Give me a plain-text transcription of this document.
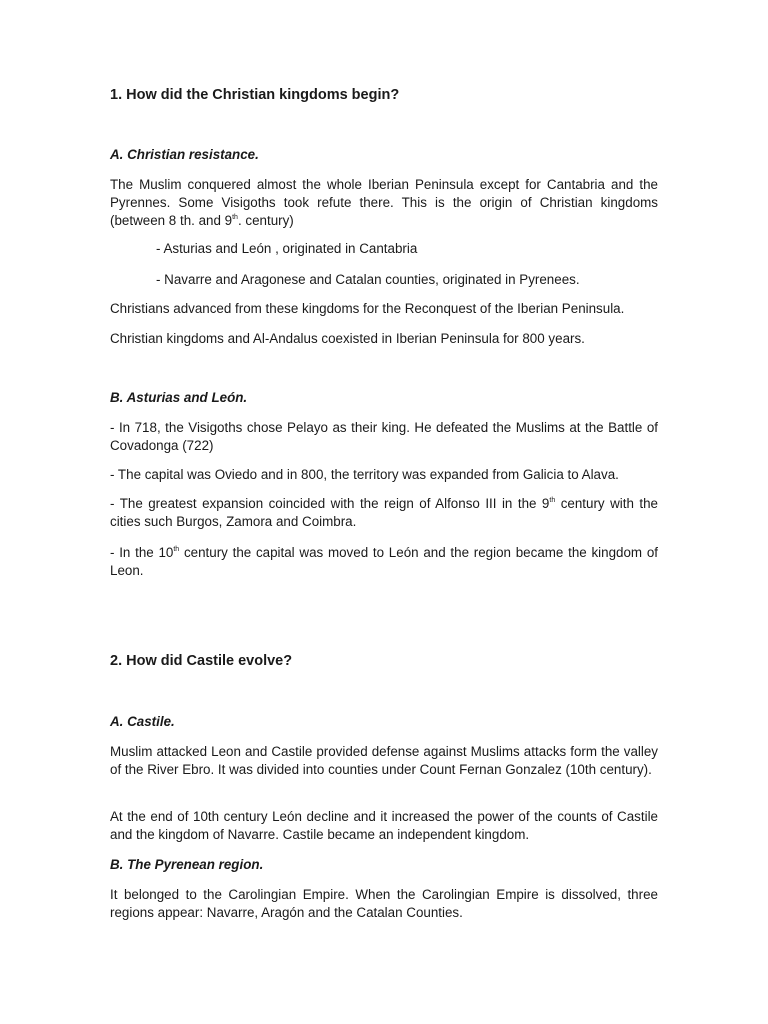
1. How did the Christian kingdoms begin?
A. Christian resistance.

The Muslim conquered almost the whole Iberian Peninsula except for Cantabria and the Pyrennes. Some Visigoths took refute there. This is the origin of Christian kingdoms (between 8 th. and 9th. century)

- Asturias and León , originated in Cantabria

- Navarre and Aragonese and Catalan counties, originated in Pyrenees.

Christians advanced from these kingdoms for the Reconquest of the Iberian Peninsula.

Christian kingdoms and Al-Andalus coexisted in Iberian Peninsula for 800 years.

B. Asturias and León.

- In 718, the Visigoths chose Pelayo as their king. He defeated the Muslims at the Battle of Covadonga (722)

- The capital was Oviedo and in 800, the territory was expanded from Galicia to Alava.

- The greatest expansion coincided with the reign of Alfonso III in the 9th century with the cities such Burgos, Zamora and Coimbra.

- In the 10th century the capital was moved to León and the region became the kingdom of Leon.

2. How did Castile evolve?
A. Castile.

Muslim attacked Leon and Castile provided defense against Muslims attacks form the valley of the River Ebro. It was divided into counties under Count Fernan Gonzalez (10th century).

At the end of 10th century León decline and it increased the power of the counts of Castile and the kingdom of Navarre. Castile became an independent kingdom.

B. The Pyrenean region.

It belonged to the Carolingian Empire. When the Carolingian Empire is dissolved, three regions appear: Navarre, Aragón and the Catalan Counties.
